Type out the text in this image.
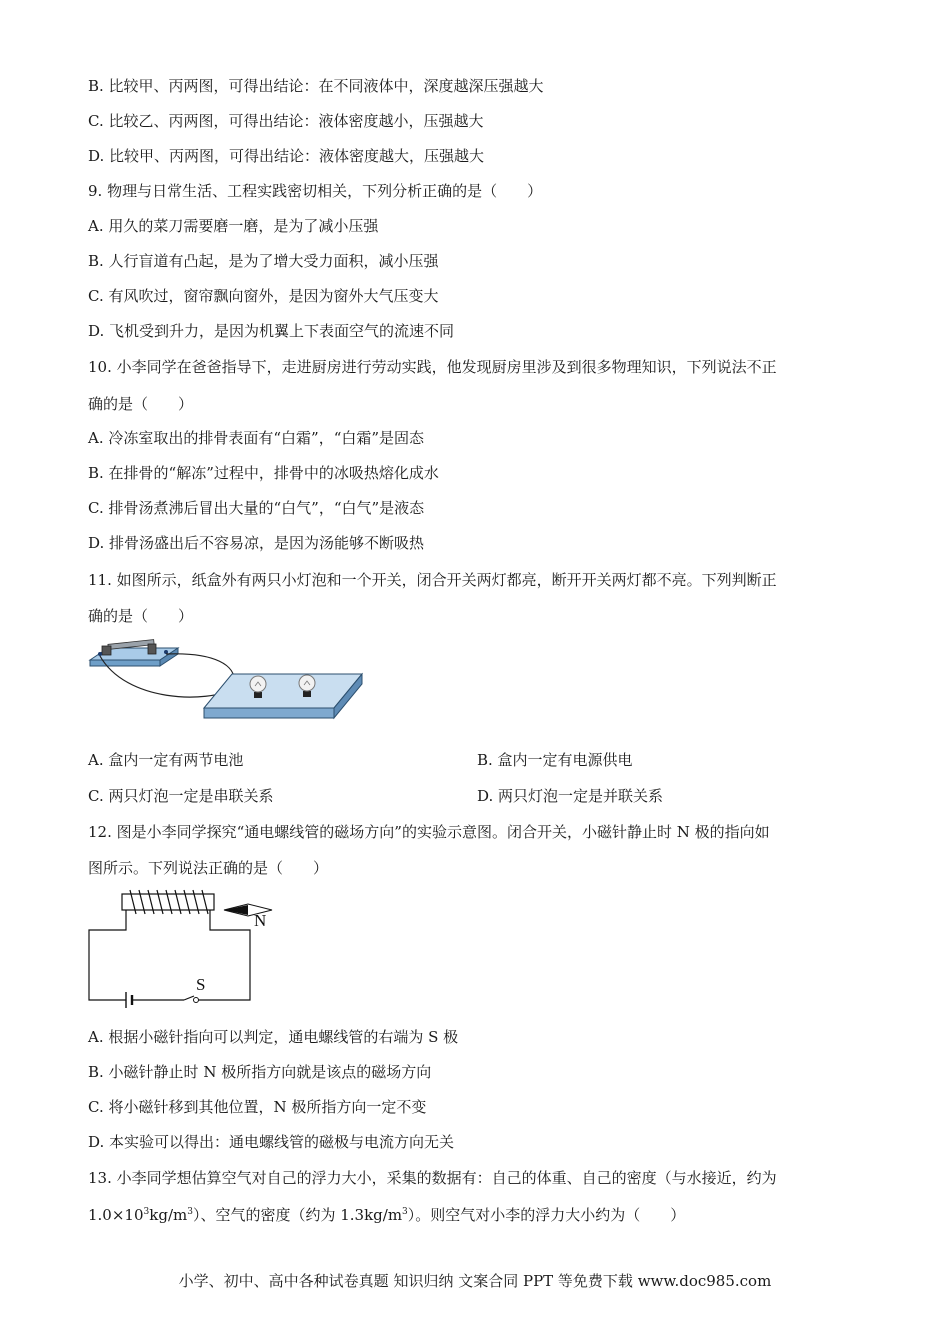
B. 比较甲、丙两图，可得出结论：在不同液体中，深度越深压强越大
C. 比较乙、丙两图，可得出结论：液体密度越小，压强越大
D. 比较甲、丙两图，可得出结论：液体密度越大，压强越大
9. 物理与日常生活、工程实践密切相关，下列分析正确的是（　　）
A. 用久的菜刀需要磨一磨，是为了减小压强
B. 人行盲道有凸起，是为了增大受力面积，减小压强
C. 有风吹过，窗帘飘向窗外，是因为窗外大气压变大
D. 飞机受到升力，是因为机翼上下表面空气的流速不同
10. 小李同学在爸爸指导下，走进厨房进行劳动实践，他发现厨房里涉及到很多物理知识，下列说法不正
确的是（　　）
A. 冷冻室取出的排骨表面有“白霜”，“白霜”是固态
B. 在排骨的“解冻”过程中，排骨中的冰吸热熔化成水
C. 排骨汤煮沸后冒出大量的“白气”，“白气”是液态
D. 排骨汤盛出后不容易凉，是因为汤能够不断吸热
11. 如图所示，纸盒外有两只小灯泡和一个开关，闭合开关两灯都亮，断开开关两灯都不亮。下列判断正
确的是（　　）
A. 盒内一定有两节电池	B. 盒内一定有电源供电
C. 两只灯泡一定是串联关系	D. 两只灯泡一定是并联关系
12. 图是小李同学探究“通电螺线管的磁场方向”的实验示意图。闭合开关，小磁针静止时 N 极的指向如
图所示。下列说法正确的是（　　）
N
S
A. 根据小磁针指向可以判定，通电螺线管的右端为 S 极
B. 小磁针静止时 N 极所指方向就是该点的磁场方向
C. 将小磁针移到其他位置，N 极所指方向一定不变
D. 本实验可以得出：通电螺线管的磁极与电流方向无关
13. 小李同学想估算空气对自己的浮力大小，采集的数据有：自己的体重、自己的密度（与水接近，约为
$1.0\times 10^3kg/m^3$）、空气的密度（约为 $1.3kg/m^3$）。则空气对小李的浮力大小约为（　　）
小学、初中、高中各种试卷真题 知识归纳 文案合同 PPT 等免费下载 www.doc985.com
